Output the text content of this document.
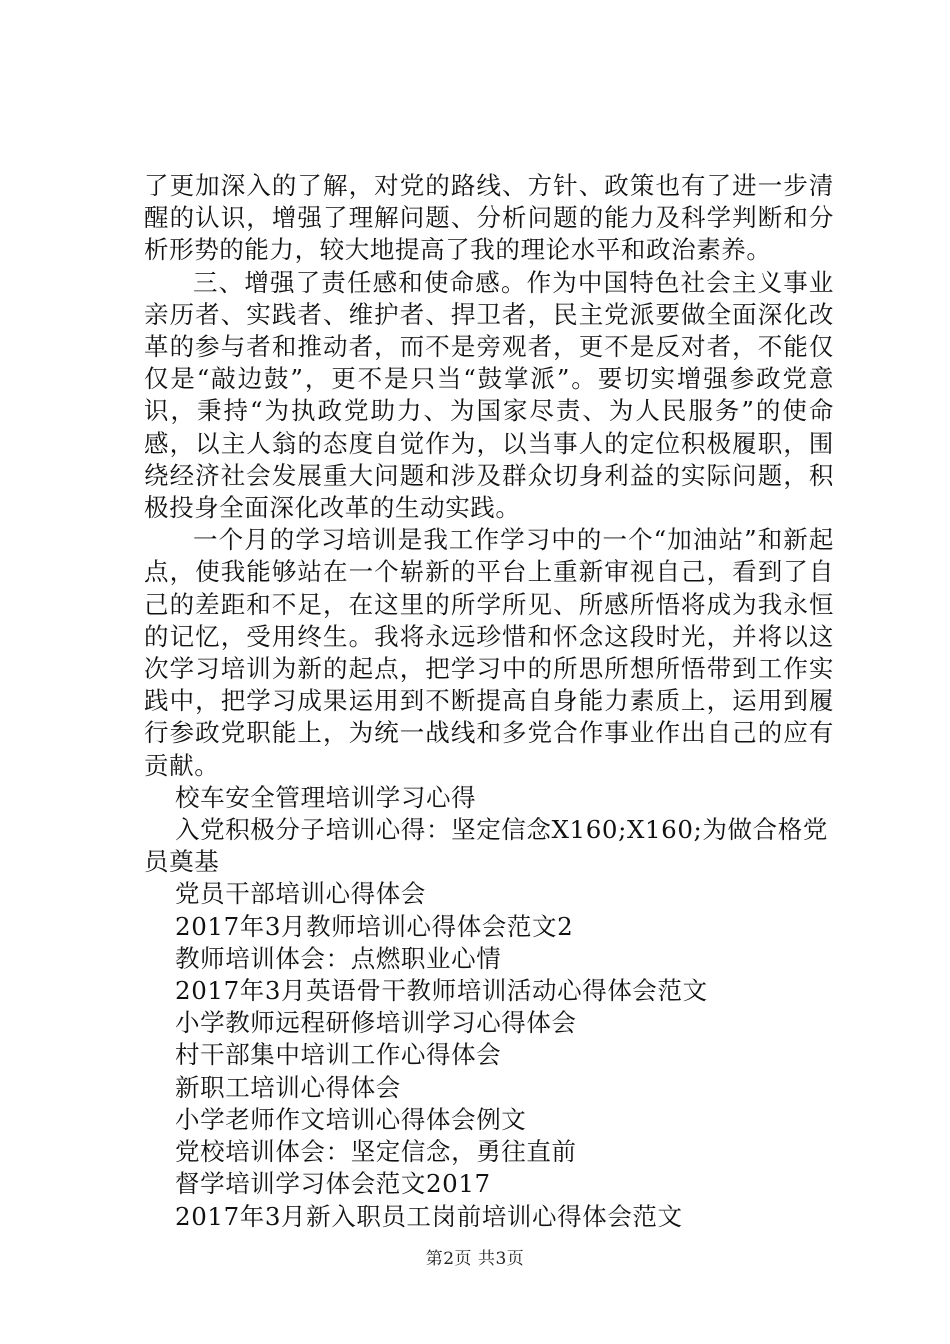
了更加深入的了解，对党的路线、方针、政策也有了进一步清醒的认识，增强了理解问题、分析问题的能力及科学判断和分析形势的能力，较大地提高了我的理论水平和政治素养。

三、增强了责任感和使命感。作为中国特色社会主义事业亲历者、实践者、维护者、捍卫者，民主党派要做全面深化改革的参与者和推动者，而不是旁观者，更不是反对者，不能仅仅是“敲边鼓”，更不是只当“鼓掌派”。要切实增强参政党意识，秉持“为执政党助力、为国家尽责、为人民服务”的使命感，以主人翁的态度自觉作为，以当事人的定位积极履职，围绕经济社会发展重大问题和涉及群众切身利益的实际问题，积极投身全面深化改革的生动实践。

一个月的学习培训是我工作学习中的一个“加油站”和新起点，使我能够站在一个崭新的平台上重新审视自己，看到了自己的差距和不足，在这里的所学所见、所感所悟将成为我永恒的记忆，受用终生。我将永远珍惜和怀念这段时光，并将以这次学习培训为新的起点，把学习中的所思所想所悟带到工作实践中，把学习成果运用到不断提高自身能力素质上，运用到履行参政党职能上，为统一战线和多党合作事业作出自己的应有贡献。

校车安全管理培训学习心得
入党积极分子培训心得：坚定信念X160;X160;为做合格党员奠基
党员干部培训心得体会
2017年3月教师培训心得体会范文2
教师培训体会：点燃职业心情
2017年3月英语骨干教师培训活动心得体会范文
小学教师远程研修培训学习心得体会
村干部集中培训工作心得体会
新职工培训心得体会
小学老师作文培训心得体会例文
党校培训体会：坚定信念，勇往直前
督学培训学习体会范文2017
2017年3月新入职员工岗前培训心得体会范文
第2页 共3页
